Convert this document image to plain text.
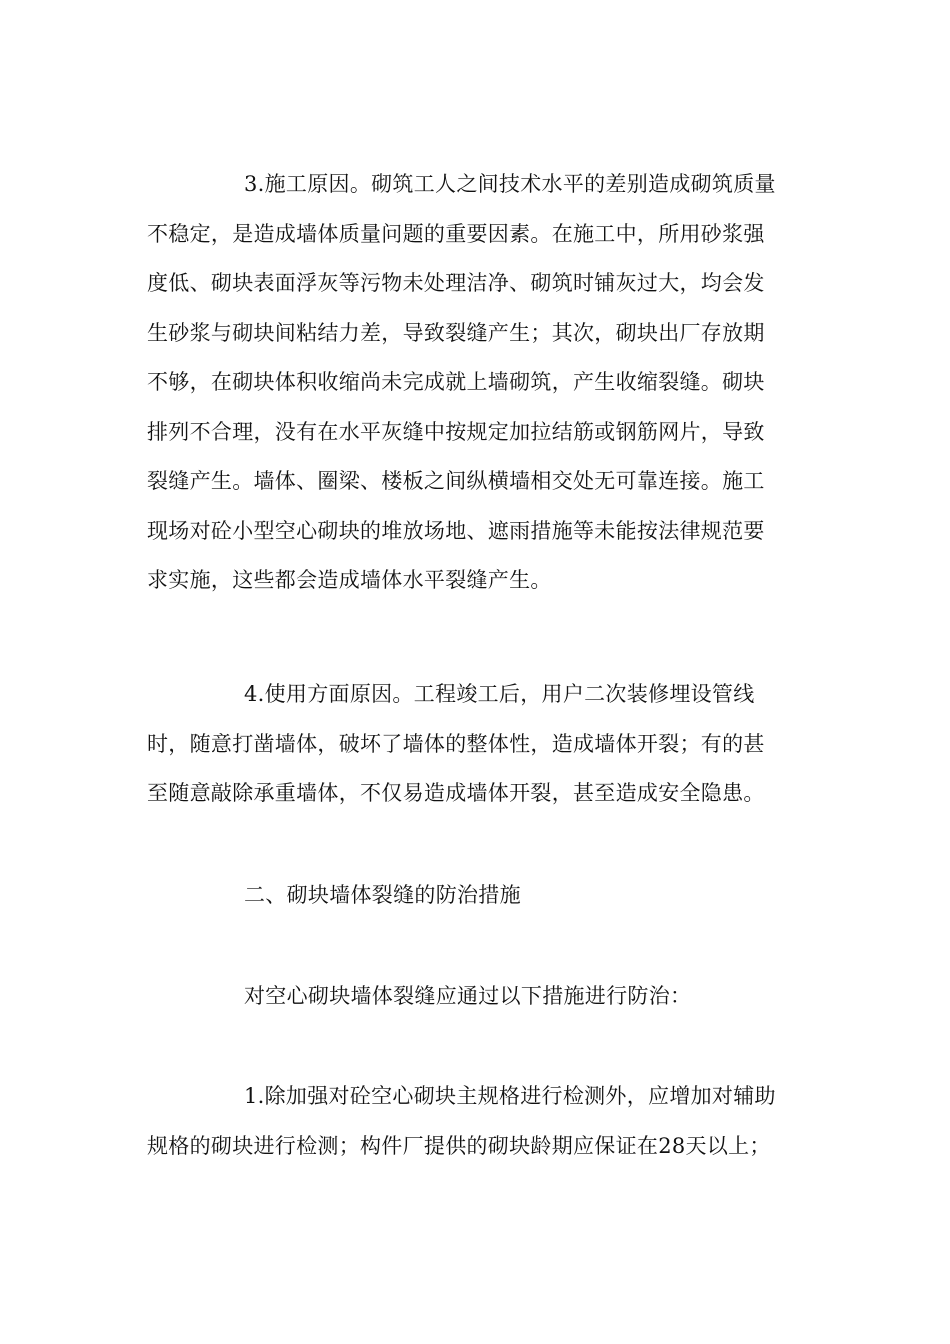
3.施工原因。砌筑工人之间技术水平的差别造成砌筑质量
不稳定，是造成墙体质量问题的重要因素。在施工中，所用砂浆强
度低、砌块表面浮灰等污物未处理洁净、砌筑时铺灰过大，均会发
生砂浆与砌块间粘结力差，导致裂缝产生；其次，砌块出厂存放期
不够，在砌块体积收缩尚未完成就上墙砌筑，产生收缩裂缝。砌块
排列不合理，没有在水平灰缝中按规定加拉结筋或钢筋网片，导致
裂缝产生。墙体、圈梁、楼板之间纵横墙相交处无可靠连接。施工
现场对砼小型空心砌块的堆放场地、遮雨措施等未能按法律规范要
求实施，这些都会造成墙体水平裂缝产生。
4.使用方面原因。工程竣工后，用户二次装修埋设管线
时，随意打凿墙体，破坏了墙体的整体性，造成墙体开裂；有的甚
至随意敲除承重墙体，不仅易造成墙体开裂，甚至造成安全隐患。
二、砌块墙体裂缝的防治措施
对空心砌块墙体裂缝应通过以下措施进行防治：
1.除加强对砼空心砌块主规格进行检测外，应增加对辅助
规格的砌块进行检测；构件厂提供的砌块龄期应保证在28天以上；
